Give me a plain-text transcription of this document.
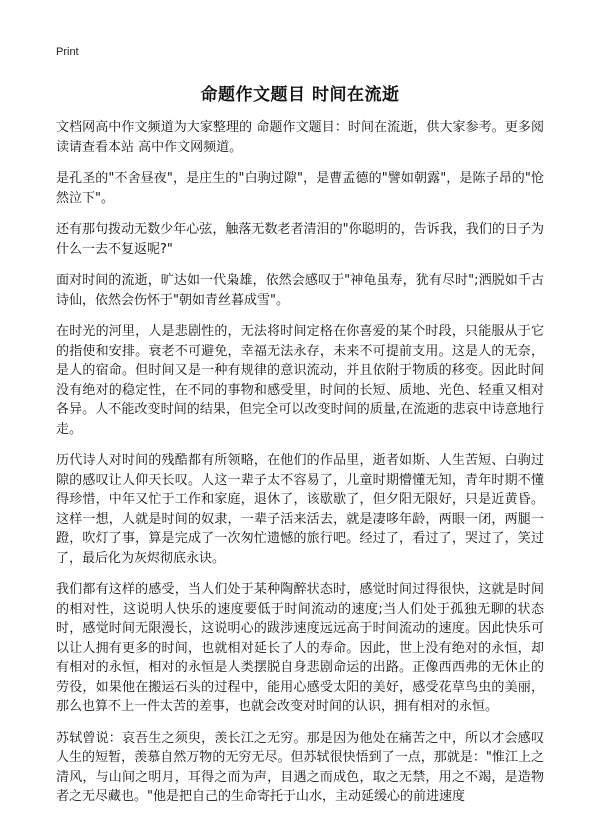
Print
命题作文题目 时间在流逝

文档网高中作文频道为大家整理的 命题作文题目：时间在流逝，供大家参考。更多阅读请查看本站 高中作文网频道。

是孔圣的"不舍昼夜"，是庄生的"白驹过隙"，是曹孟德的"譬如朝露"，是陈子昂的"怆然泣下"。

还有那句拨动无数少年心弦，触落无数老者清泪的"你聪明的，告诉我，我们的日子为什么一去不复返呢?"

面对时间的流逝，旷达如一代枭雄，依然会感叹于"神龟虽寿，犹有尽时";洒脱如千古诗仙，依然会伤怀于"朝如青丝暮成雪"。

在时光的河里，人是悲剧性的，无法将时间定格在你喜爱的某个时段，只能服从于它的指使和安排。衰老不可避免，幸福无法永存，未来不可提前支用。这是人的无奈，是人的宿命。但时间又是一种有规律的意识流动，并且依附于物质的移变。因此时间没有绝对的稳定性，在不同的事物和感受里，时间的长短、质地、光色、轻重又相对各异。人不能改变时间的结果，但完全可以改变时间的质量,在流逝的悲哀中诗意地行走。

历代诗人对时间的残酷都有所领略，在他们的作品里，逝者如斯、人生苦短、白驹过隙的感叹让人仰天长叹。人这一辈子太不容易了，儿童时期懵懂无知，青年时期不懂得珍惜，中年又忙于工作和家庭，退休了，该歇歇了，但夕阳无限好，只是近黄昏。这样一想，人就是时间的奴隶，一辈子活来活去，就是凄哆年龄，两眼一闭，两腿一蹬，吹灯了事，算是完成了一次匆忙遗憾的旅行吧。经过了，看过了，哭过了，笑过了，最后化为灰烬彻底永诀。

我们都有这样的感受，当人们处于某种陶醉状态时，感觉时间过得很快，这就是时间的相对性，这说明人快乐的速度要低于时间流动的速度;当人们处于孤独无聊的状态时，感觉时间无限漫长，这说明心的跋涉速度远远高于时间流动的速度。因此快乐可以让人拥有更多的时间，也就相对延长了人的寿命。因此，世上没有绝对的永恒，却有相对的永恒，相对的永恒是人类摆脱自身悲剧命运的出路。正像西西弗的无休止的劳役，如果他在搬运石头的过程中，能用心感受太阳的美好，感受花草鸟虫的美丽，那么也算不上一件太苦的差事，也就会改变对时间的认识，拥有相对的永恒。

苏轼曾说：哀吾生之须臾，羡长江之无穷。那是因为他处在痛苦之中，所以才会感叹人生的短暂，羡慕自然万物的无穷无尽。但苏轼很快悟到了一点，那就是："惟江上之清风，与山间之明月，耳得之而为声，目遇之而成色，取之无禁，用之不竭，是造物者之无尽藏也。"他是把自己的生命寄托于山水，主动延缓心的前进速度
